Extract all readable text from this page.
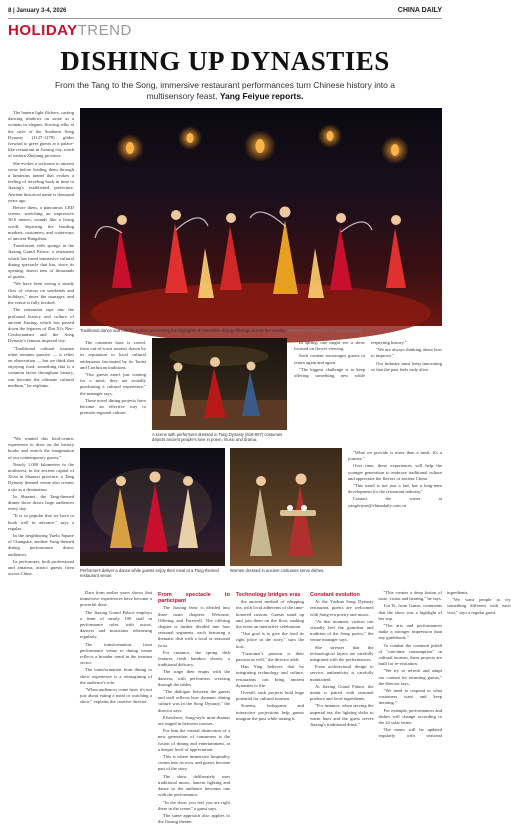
8 | January 3-4, 2026	CHINA DAILY
HOLIDAYTREND
DISHING UP DYNASTIES
From the Tang to the Song, immersive restaurant performances turn Chinese history into a multisensory feast, Yang Feiyue reports.

The lantern light flickers, casting dancing shadows on stone as a woman in elegant, flowing silks at the style of the Southern Song Dynasty (1127-1279) glides forward to greet guests at a palace-like restaurant in Jiaxing city, north of eastern Zhejiang province.

She evokes a welcome to ancient verse before leading them through a luminous tunnel that evokes a feeling of traveling back in time to Jiaxing's established prefecture. Ancient historical name is thousand years ago.

Before them, a panoramic LED screen, stretching an impressive 30.6 meters, sounds like a living scroll, depicting the bustling markets, customers, and waterways of ancient Hangzhou.

Translucent veils sponge in the Jiaxing Grand Palace, a restaurant which has fused immersive cultural dining spectacle that has, since its opening, drawn tens of thousands of guests.

"We have been seeing a steady flow of visitors on weekends and holidays," notes the manager, and the venue is fully booked.

The restaurant taps into the profound history and culture of ancient Jiaxing, which has passed down the legacies of Zhu Xi's Neo-Confucianism and the Song Dynasty's famous imperial city.

"Traditional cultural tourism often remains passive — it relies on observation — but we think that enjoying food, something that is a common factor throughout history, can become the ultimate cultural medium," he explains.

Traditional dance and folk life scenes are among the highlights of immersive dining offerings across the country. PHOTOS PROVIDED TO CHINA DAILY

The customer base is varied, from out-of-town tourists drawn by its reputation to local cultural enthusiasts fascinated by its Taoist and Confucian traditions.

"Our guests aren't just coming for a meal, they are actually purchasing a cultural experience," the manager says.

These novel dining projects have become an effective way to promote regional culture.

A scene with performers dressed in Tang Dynasty (618-907) costumes depicts ancient people's love in poem, music and drama.

In spring, one might see a show focused on flower viewing.

Such content encourages guests to return again and again.

"The biggest challenge is to keep offering something new while respecting history."

"We are always thinking about how to improve."

Our industry must keep innovating so that the past feels truly alive.

Performers deliver a dance while guests enjoy their meal at a Tang-themed restaurant venue.
Women dressed in ancient costumes serve dishes.

"What we provide is more than a meal. It's a journey."

Over time, these experiences will help the younger generation to embrace traditional culture and appreciate the flavors of ancient China.

"This trend is not just a fad, but a long-term development for the restaurant industry."

Contact the writer at yangfeiyue@chinadaily.com.cn

"We wanted this food-centric experience to draw on the history books and enrich the imagination of our contemporary guests."

Nearly 1,000 kilometers to the northwest, in the ancient capital of Xi'an in Shaanxi province, a Tang Dynasty themed venue also creates a stir as a destination.

In Shaanxi, the Tang-themed dinner show draws large audiences every day.

"It is so popular that we have to book well in advance," says a regular.

In the neighboring Yuelu Square of Changsha, another Song-themed dining performance draws audiences.

Its performers, both professional and amateur, attract guests from across China.

Data from earlier years shows that immersive experiences have become a powerful draw.

The Jiaxing Grand Palace employs a team of nearly 100 staff in performance roles, with actors, dancers and musicians rehearsing regularly.

The transformation from performance venue to dining venue reflects a broader trend in the tourism sector.

The transformation from dining to show experience is a reimagining of the audience's role.

"When audiences come here, it's not just about eating a meal or watching a show," explains the creative director.

From spectacle to participant

The Jiaxing feast is divided into three main chapters: Welcome, Offering and Farewell. The offering chapter is further divided into four seasonal segments, each featuring a thematic dish with a local or seasonal twist.

For instance, the spring dish features fresh bamboo shoots, a traditional delicacy.

The stage then erupts with the dancers, with performers weaving through the tables.

"The dialogue between the guests and staff reflects how dynamic dining culture was in the Song Dynasty," the director says.

Elsewhere, Song-style mini-dramas are staged in between courses.

For him the central distinction of a new generation of consumers is the fusion of dining and entertainment, at a deeper level of appreciation.

This is where immersive hospitality comes into its own, and guests become part of the story.

The show deliberately uses traditional music, lantern lighting and dance so the audience becomes one with the performance.

"In the show you feel you are right there in the scene," a guest says.

The same approach also applies to the Jiaxing theater.

Technology bridges eras

the ancient method of whipping tea, with local adherents of the time-honored custom. Guests stand up and join them on the floor, making the event an interactive celebration.

"Our goal is to give the food its right place in the story," says the host.

"Customer's passion is their passion as well," the director adds.

Han Ying believes that by integrating technology and culture, restaurants can bring ancient dynasties to life.

Overall, such projects hold huge potential for cultural tourism.

Screens, holograms and interactive projections help guests imagine the past while tasting it.

Constant evolution

At the Yaohua Song Dynasty restaurant, guests are welcomed with Song-era poetry and music.

"At that moment, visitors can visually feel the grandeur and tradition of the Song poetry," the venue manager says.

She stresses that the technological layers are carefully integrated with the performances.

From architectural design to service, authenticity is carefully maintained.

At Jiaxing Grand Palace, the menu is paired with seasonal produce and local ingredients.

"For instance, when serving the imperial tea, the lighting shifts to warm hues and the guest serves Jiaxing's traditional drink."

"This creates a deep fusion of taste, vision and hearing," he says.

Liu Yi, from Gansu, comments that the show was a highlight of her trip.

"The arts and performances make a stronger impression than any guidebook."

To combat the common pitfall of "one-time consumption" in cultural tourism, these projects are built for re-visitation.

"We try to refresh and adapt our content for returning guests," the director says.

"We need to respond to what customers want and keep iterating."

For example, performances and dishes will change according to the 24 solar terms.

The menu will be updated regularly with seasonal ingredients.

"We want people to try something different with each visit," says a regular guest.
